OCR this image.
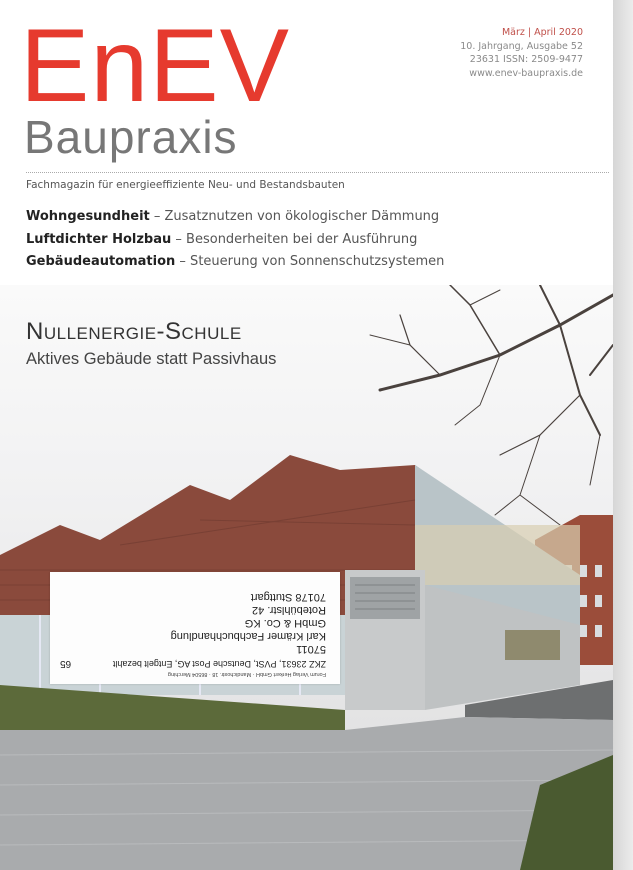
EnEV
Baupraxis
März | April 2020
10. Jahrgang, Ausgabe 52
23631 ISSN: 2509-9477
www.enev-baupraxis.de
Fachmagazin für energieeffiziente Neu- und Bestandsbauten
Wohngesundheit – Zusatznutzen von ökologischer Dämmung
Luftdichter Holzbau – Besonderheiten bei der Ausführung
Gebäudeautomation – Steuerung von Sonnenschutzsystemen
Nullenergie-Schule
Aktives Gebäude statt Passivhaus
Forum Verlag Herkert GmbH · Mandichostr. 18 · 86504 Merching
ZKZ 23631, PVSt, Deutsche Post AG, Entgelt bezahlt
65
57011
Karl Krämer Fachbuchhandlung
GmbH & Co. KG
Rotebühlstr. 42
70178 Stuttgart
